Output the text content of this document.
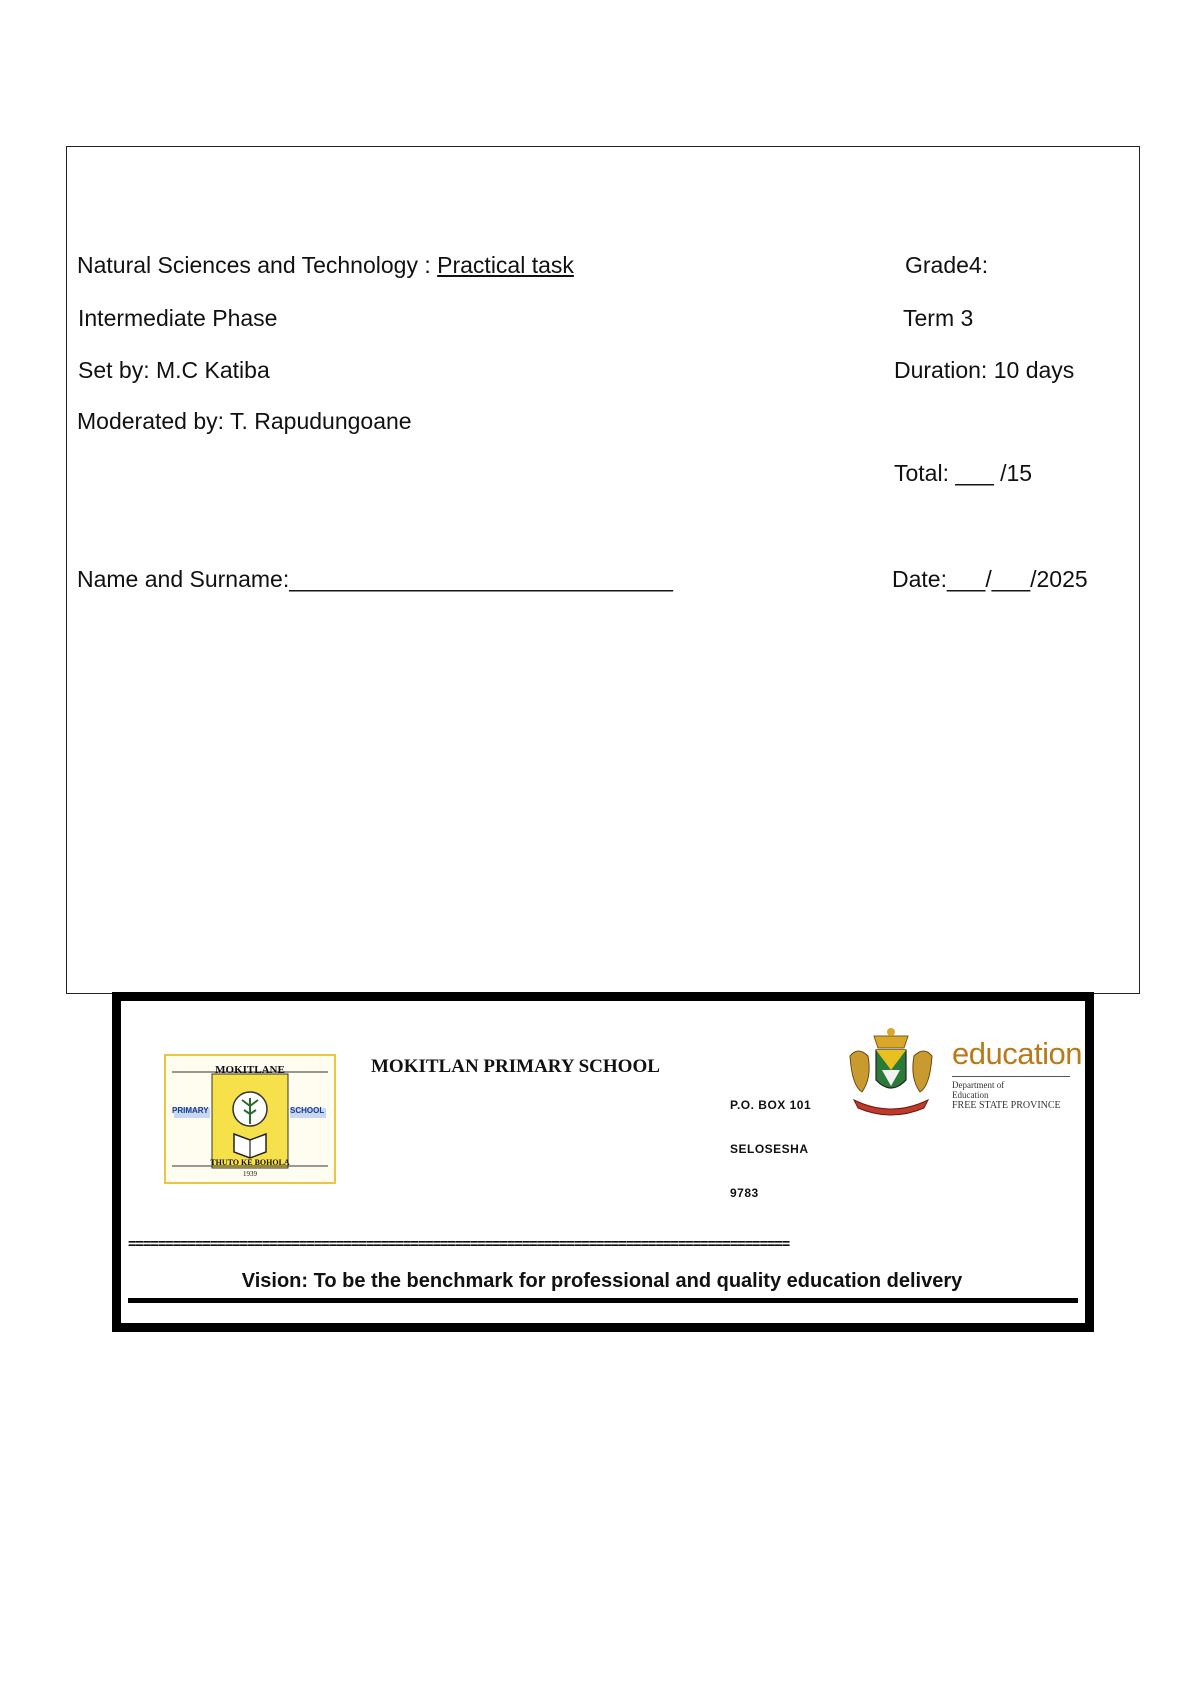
Natural Sciences and Technology : Practical task	Grade4:
Intermediate Phase	Term 3
Set by: M.C Katiba	Duration: 10 days
Moderated by: T. Rapudungoane
Total: ___ /15
Name and Surname:______________________________	Date:___/___/2025
MOKITLANE
PRIMARY	SCHOOL
THUTO KE BOHOLA
1939
MOKITLAN PRIMARY SCHOOL
P.O. BOX 101
SELOSESHA
9783
education
Department of
Education
FREE STATE PROVINCE
=========================================================================================
Vision: To be the benchmark for professional and quality education delivery
